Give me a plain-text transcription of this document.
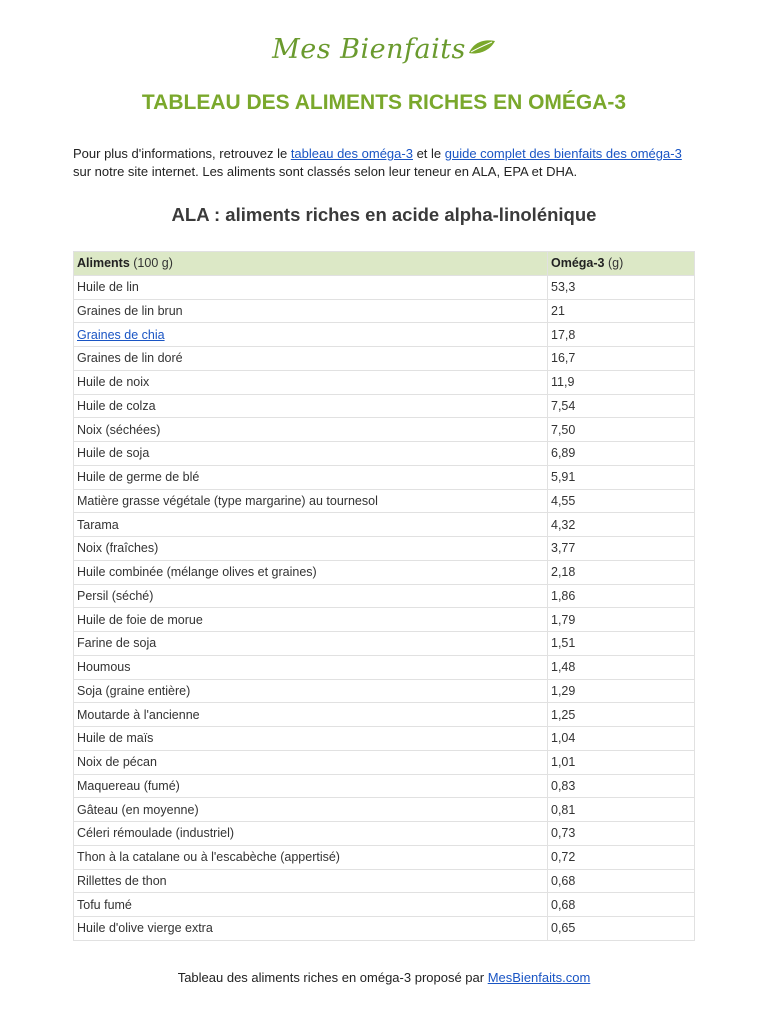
Mes Bienfaits
TABLEAU DES ALIMENTS RICHES EN OMÉGA-3

Pour plus d'informations, retrouvez le tableau des oméga-3 et le guide complet des bienfaits des oméga-3 sur notre site internet. Les aliments sont classés selon leur teneur en ALA, EPA et DHA.

ALA : aliments riches en acide alpha-linolénique
Aliments (100 g)	Oméga-3 (g)
Huile de lin	53,3
Graines de lin brun	21
Graines de chia	17,8
Graines de lin doré	16,7
Huile de noix	11,9
Huile de colza	7,54
Noix (séchées)	7,50
Huile de soja	6,89
Huile de germe de blé	5,91
Matière grasse végétale (type margarine) au tournesol	4,55
Tarama	4,32
Noix (fraîches)	3,77
Huile combinée (mélange olives et graines)	2,18
Persil (séché)	1,86
Huile de foie de morue	1,79
Farine de soja	1,51
Houmous	1,48
Soja (graine entière)	1,29
Moutarde à l'ancienne	1,25
Huile de maïs	1,04
Noix de pécan	1,01
Maquereau (fumé)	0,83
Gâteau (en moyenne)	0,81
Céleri rémoulade (industriel)	0,73
Thon à la catalane ou à l'escabèche (appertisé)	0,72
Rillettes de thon	0,68
Tofu fumé	0,68
Huile d'olive vierge extra	0,65

Tableau des aliments riches en oméga-3 proposé par MesBienfaits.com
